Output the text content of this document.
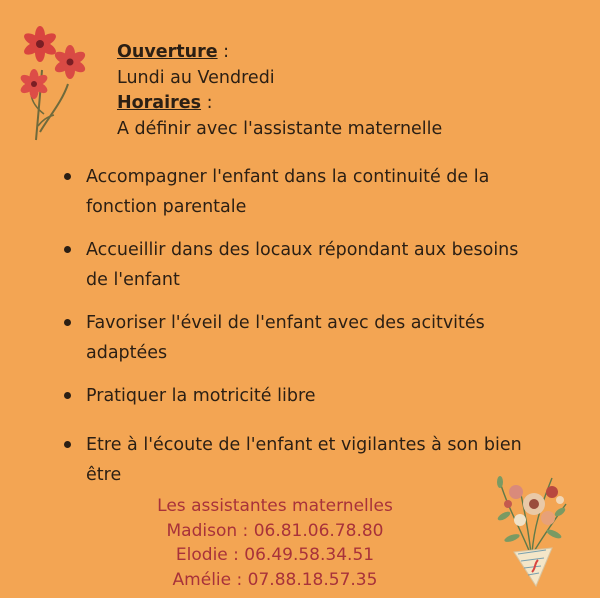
Ouverture :
Lundi au Vendredi
Horaires :
A définir avec l'assistante maternelle
Accompagner l'enfant dans la continuité de la fonction parentale
Accueillir dans des locaux répondant aux besoins de l'enfant
Favoriser l'éveil de l'enfant avec des acitvités adaptées
Pratiquer la motricité libre
Etre à l'écoute de l'enfant et vigilantes à son bien être
Les assistantes maternelles
Madison : 06.81.06.78.80
Elodie : 06.49.58.34.51
Amélie : 07.88.18.57.35
